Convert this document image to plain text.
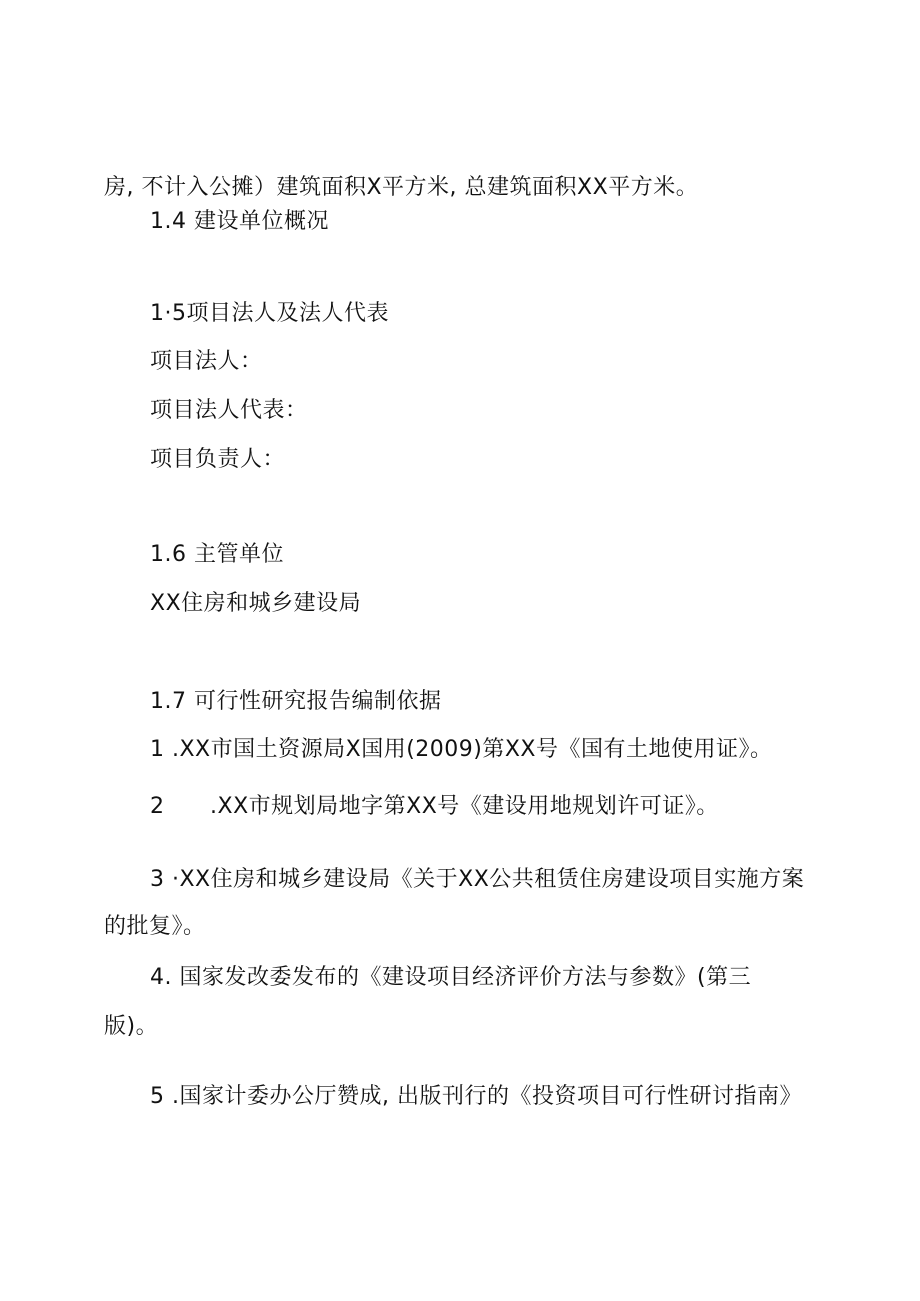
房, 不计入公摊）建筑面积X平方米, 总建筑面积XX平方米。
1.4 建设单位概况
1·5项目法人及法人代表
项目法人：
项目法人代表：
项目负责人：
1.6 主管单位
XX住房和城乡建设局
1.7 可行性研究报告编制依据
1 .XX市国土资源局X国用(2009)第XX号《国有土地使用证》。
2 .XX市规划局地字第XX号《建设用地规划许可证》。
3 ·XX住房和城乡建设局《关于XX公共租赁住房建设项目实施方案
的批复》。
4. 国家发改委发布的《建设项目经济评价方法与参数》(第三
版)。
5 .国家计委办公厅赞成, 出版刊行的《投资项目可行性研讨指南》
